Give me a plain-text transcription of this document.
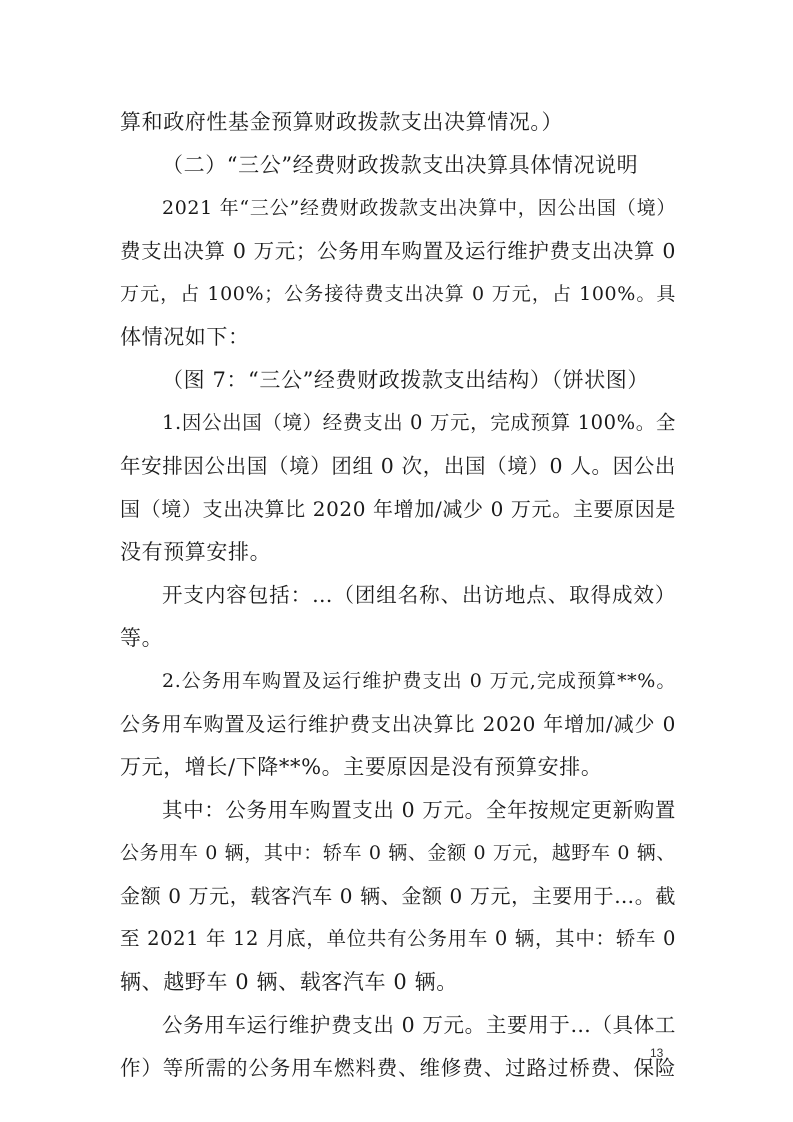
算和政府性基金预算财政拨款支出决算情况。）
（二）“三公”经费财政拨款支出决算具体情况说明
2021 年“三公”经费财政拨款支出决算中，因公出国（境）
费支出决算 0 万元；公务用车购置及运行维护费支出决算 0
万元，占 100%；公务接待费支出决算 0 万元，占 100%。具
体情况如下：
（图 7：“三公”经费财政拨款支出结构）（饼状图）
1.因公出国（境）经费支出 0 万元，完成预算 100%。全
年安排因公出国（境）团组 0 次，出国（境）0 人。因公出
国（境）支出决算比 2020 年增加/减少 0 万元。主要原因是
没有预算安排。
开支内容包括：…（团组名称、出访地点、取得成效）
等。
2.公务用车购置及运行维护费支出 0 万元,完成预算**%。
公务用车购置及运行维护费支出决算比 2020 年增加/减少 0
万元，增长/下降**%。主要原因是没有预算安排。
其中：公务用车购置支出 0 万元。全年按规定更新购置
公务用车 0 辆，其中：轿车 0 辆、金额 0 万元，越野车 0 辆、
金额 0 万元，载客汽车 0 辆、金额 0 万元，主要用于…。截
至 2021 年 12 月底，单位共有公务用车 0 辆，其中：轿车 0
辆、越野车 0 辆、载客汽车 0 辆。
公务用车运行维护费支出 0 万元。主要用于…（具体工
作）等所需的公务用车燃料费、维修费、过路过桥费、保险
13
